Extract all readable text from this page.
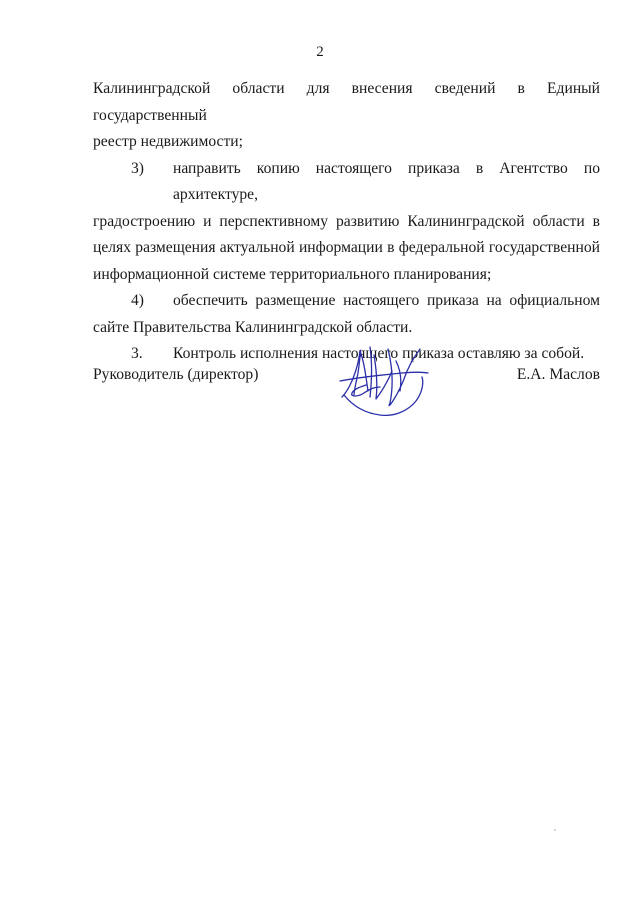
2

Калининградской области для внесения сведений в Единый государственный

реестр недвижимости;

3)	направить копию настоящего приказа в Агентство по архитектуре,

градостроению и перспективному развитию Калининградской области в целях размещения актуальной информации в федеральной государственной информационной системе территориального планирования;

4)	обеспечить размещение настоящего приказа на официальном

сайте Правительства Калининградской области.

3.	Контроль исполнения настоящего приказа оставляю за собой.
Руководитель (директор)	Е.А. Маслов
